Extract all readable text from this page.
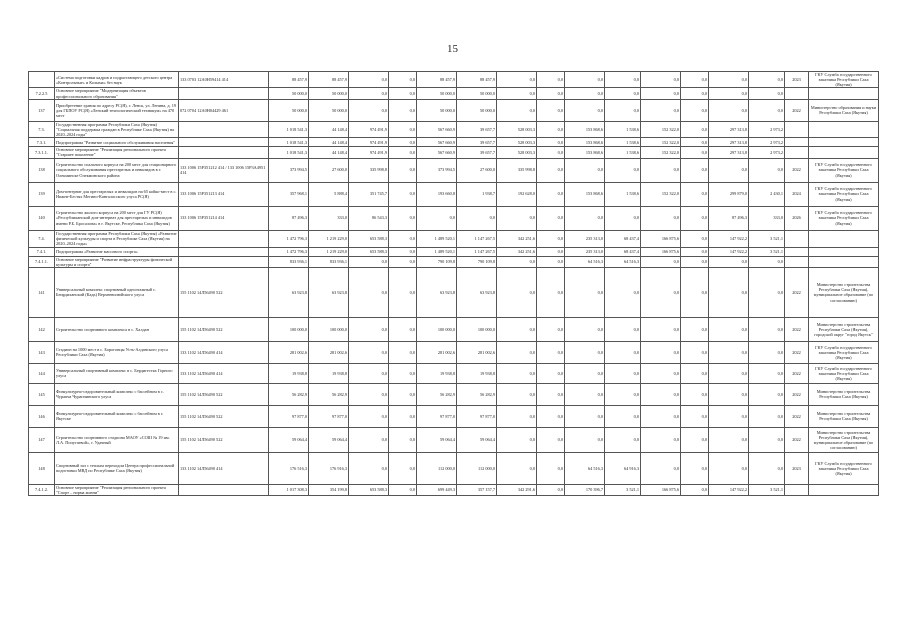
15
	«Система подготовки кадров и подрастающего детского центра «Контрольные» и Колыма» без наук	133 0703 12А0Н59414 414	88 457,9	88 457,9	0,0	0,0	88 457,9	88 457,9	0,0	0,0	0,0	0,0	0,0	0,0	0,0	0,0	2023	ГКУ Служба государственного заказчика Республики Саха (Якутия)
7.2.2.5	Основное мероприятие "Модернизация объектов профессионального образования"		50 000,0	50 000,0	0,0	0,0	50 000,0	50 000,0	0,0	0,0	0,0	0,0	0,0	0,0	0,0	0,0		
137	Приобретение здания по адресу РС(Я), г. Ленск, ул. Ленина, д. 19 для ГБПОУ РС(Я) «Ленский технологический техникум» на 470 мест	072 0704 12А0Н04429 461	50 000,0	50 000,0	0,0	0,0	50 000,0	50 000,0	0,0	0,0	0,0	0,0	0,0	0,0	0,0	0,0	2022	Министерство образования и науки Республики Саха (Якутия)
7.3.	Государственная программа Республики Саха (Якутия) "Социальная поддержка граждан в Республике Саха (Якутия) на 2020–2024 годы"		1 018 541,3	44 148,4	974 491,9	0,0	567 660,9	39 657,7	528 003,3	0,0	153 868,6	1 538,6	152 322,0	0,0	297 313,8	2 973,2		
7.3.1.	Подпрограмма "Развитие социального обслуживания населения"		1 018 541,3	44 148,4	974 491,9	0,0	567 660,9	39 657,7	528 003,3	0,0	153 868,6	1 538,6	152 322,0	0,0	297 313,8	2 973,2		
7.3.1.1.	Основное мероприятие "Реализация регионального проекта "Старшее поколение"		1 018 541,3	44 148,4	974 491,9	0,0	567 660,9	39 657,7	528 003,3	0,0	153 868,6	1 538,6	152 322,0	0,0	297 313,8	2 973,2		
138	Строительство спального корпуса на 200 мест для стационарного социального обслуживания престарелых и инвалидов в г. Олекминске Олекминского района	133 1006 15Р351212 414 / 133 1006 15Р3А4951 414	373 994,5	27 600,0	335 998,8	0,0	373 994,5	27 600,0	335 998,8	0,0	0,0	0,0	0,0	0,0	0,0	0,0	2022	ГКУ Служба государственного заказчика Республики Саха (Якутия)
139	Дом-интернат для престарелых и инвалидов на 65 койко-мест в с. Нижне-Бестях Мегино-Кангаласского улуса РС(Я)	133 1006 15Р351213 414	357 968,1	5 888,4	351 745,7	0,0	193 660,8	1 938,7	192 628,0	0,0	153 868,6	1 538,6	152 322,0	0,0	299 879,0	2 430,1	2024	ГКУ Служба государственного заказчика Республики Саха (Якутия)
140	Строительство жилого корпуса на 200 мест для ГУ РС(Я) «Республиканский дом-интернат для престарелых и инвалидов имени Р.Б. Бросалова» в г. Якутске, Республика Саха (Якутия)	133 1006 15Р351214 414	87 496,3	333,0	86 543,3	0,0	0,0	0,0	0,0	0,0	0,0	0,0	0,0	0,0	87 496,3	333,0	2026	ГКУ Служба государственного заказчика Республики Саха (Якутия)
7.4.	Государственная программа Республики Саха (Якутия) «Развитие физической культуры и спорта в Республике Саха (Якутия) на 2020–2024 годы»		1 472 796,3	1 219 229,0	653 588,3	0,0	1 489 520,1	1 147 267,5	342 251,6	0,0	235 313,0	68 437,4	166 875,6	0,0	147 922,2	3 521,1		
7.4.1.	Подпрограмма «Развитие массового спорта»		1 472 796,3	1 219 229,0	653 588,3	0,0	1 489 520,1	1 147 267,5	342 251,6	0,0	235 313,0	68 437,4	166 875,6	0,0	147 922,2	3 521,1		
7.4.1.1.	Основное мероприятие "Развитие инфраструктуры физической культуры и спорта"		833 936,1	833 936,1	0,0	0,0	790 109,8	790 109,8	0,0	0,0	64 516,3	64 516,3	0,0	0,0	0,0	0,0		
141	Универсальный комплекс спортивный одноэтажный с. Беирдиханский (Кадь) Верхневилюйского улуса	155 1102 14Л56490 522	63 923,8	63 923,8	0,0	0,0	63 923,8	63 923,8	0,0	0,0	0,0	0,0	0,0	0,0	0,0	0,0	2022	Министерство строительства Республики Саха (Якутия), муниципальное образование (по согласованию)
142	Строительство спортивного комплекса в с. Халдан	155 1102 14Л56490 522	100 000,0	100 000,0	0,0	0,0	100 000,0	100 000,0	0,0	0,0	0,0	0,0	0,0	0,0	0,0	0,0	2022	Министерство строительства Республики Саха (Якутия), городской округ "город Якутск"
143	Стадион на 1000 мест в с. Борогонцы Усть-Алданского улуса Республики Саха (Якутия)	133 1102 14Л56490 414	281 002,6	281 002,6	0,0	0,0	281 002,6	281 002,6	0,0	0,0	0,0	0,0	0,0	0,0	0,0	0,0	2022	ГКУ Служба государственного заказчика Республики Саха (Якутия)
144	Универсальный спортивный комплекс в с. Бердигестях Горного улуса	133 1102 14Л56490 414	19 938,8	19 938,8	0,0	0,0	19 938,8	19 938,8	0,0	0,0	0,0	0,0	0,0	0,0	0,0	0,0	2022	ГКУ Служба государственного заказчика Республики Саха (Якутия)
145	Физкультурно-оздоровительный комплекс с бассейном в с. Чурапча Чурапчинского улуса	155 1102 14Л56490 522	56 282,9	56 282,9	0,0	0,0	56 282,9	56 282,9	0,0	0,0	0,0	0,0	0,0	0,0	0,0	0,0	2022	Министерство строительства Республики Саха (Якутия)
146	Физкультурно-оздоровительный комплекс с бассейном в г. Якутске	155 1102 14Л56490 522	97 877,0	97 877,0	0,0	0,0	97 877,0	97 877,0	0,0	0,0	0,0	0,0	0,0	0,0	0,0	0,0	2022	Министерство строительства Республики Саха (Якутия)
147	Строительство спортивного стадиона МАОУ «СОШ № 19 им. Л.А. Попугаевой», г. Удачный	155 1102 14Л56490 522	59 064,4	59 064,4	0,0	0,0	59 064,4	59 064,4	0,0	0,0	0,0	0,0	0,0	0,0	0,0	0,0	2022	Министерство строительства Республики Саха (Якутия), муниципальное образование (по согласованию)
148	Спортивный зал с теплым переходом Центра профессиональной подготовки МВД по Республике Саха (Якутия)	133 1102 14Л56490 414	176 516,3	176 916,3	0,0	0,0	112 000,0	112 000,0	0,0	0,0	64 516,3	64 916,3	0,0	0,0	0,0	0,0	2023	ГКУ Служба государственного заказчика Республики Саха (Якутия)
7.4.1.2.	Основное мероприятие "Реализация регионального проекта "Спорт – норма жизни"		1 017 308,3	354 199,8	653 588,3	0,0	699 449,3	357 157,7	342 291,6	0,0	170 396,7	3 521,1	166 875,6	0,0	147 922,2	3 521,1		
